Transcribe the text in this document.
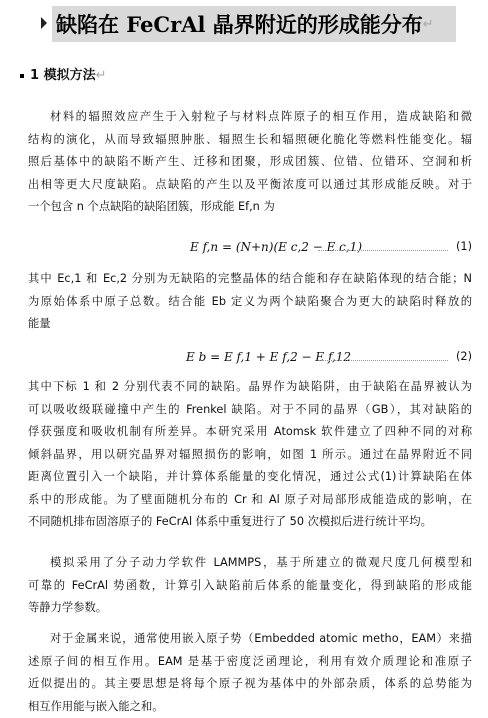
缺陷在 FeCrAl 晶界附近的形成能分布 ↵
1 模拟方法↵
材料的辐照效应产生于入射粒子与材料点阵原子的相互作用，造成缺陷和微
结构的演化，从而导致辐照肿胀、辐照生长和辐照硬化脆化等燃料性能变化。辐
照后基体中的缺陷不断产生、迁移和团聚，形成团簇、位错、位错环、空洞和析
出相等更大尺度缺陷。点缺陷的产生以及平衡浓度可以通过其形成能反映。对于
一个包含 n 个点缺陷的缺陷团簇，形成能 Ef,n 为
E f,n = (N+n)(E c,2 − E c,1)	(1)
其中 Ec,1 和 Ec,2 分别为无缺陷的完整晶体的结合能和存在缺陷体现的结合能；N
为原始体系中原子总数。结合能 Eb 定义为两个缺陷聚合为更大的缺陷时释放的
能量
E b = E f,1 + E f,2 − E f,12	(2)
其中下标 1 和 2 分别代表不同的缺陷。晶界作为缺陷阱，由于缺陷在晶界被认为
可以吸收级联碰撞中产生的 Frenkel 缺陷。对于不同的晶界（GB），其对缺陷的
俘获强度和吸收机制有所差异。本研究采用 Atomsk 软件建立了四种不同的对称
倾斜晶界，用以研究晶界对辐照损伤的影响，如图 1 所示。通过在晶界附近不同
距离位置引入一个缺陷，并计算体系能量的变化情况，通过公式(1)计算缺陷在体
系中的形成能。为了壁面随机分布的 Cr 和 Al 原子对局部形成能造成的影响，在
不同随机排布固溶原子的 FeCrAl 体系中重复进行了 50 次模拟后进行统计平均。
模拟采用了分子动力学软件 LAMMPS，基于所建立的微观尺度几何模型和
可靠的 FeCrAl 势函数，计算引入缺陷前后体系的能量变化，得到缺陷的形成能
等静力学参数。
对于金属来说，通常使用嵌入原子势（Embedded atomic metho，EAM）来描
述原子间的相互作用。EAM 是基于密度泛函理论，利用有效介质理论和准原子
近似提出的。其主要思想是将每个原子视为基体中的外部杂质，体系的总势能为
相互作用能与嵌入能之和。
